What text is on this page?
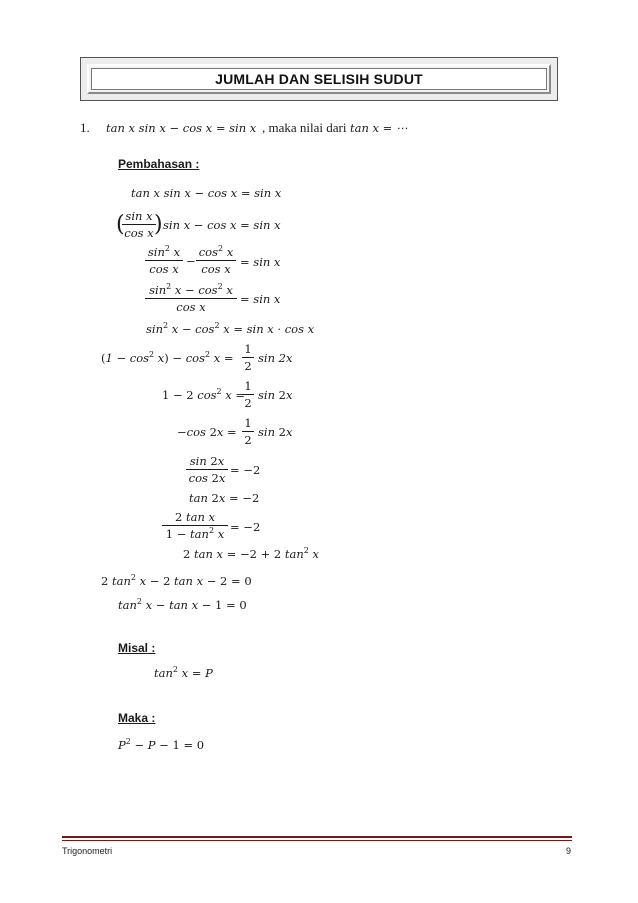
JUMLAH DAN SELISIH SUDUT
1. tan x sin x − cos x = sin x , maka nilai dari tan x = ⋯
Pembahasan :
tan x sin x − cos x = sin x
( sin x
cos x ) sin x − cos x = sin x
$\sin^2 x$
cos x
−
$\cos^2 x$
cos x = sin x
$\sin^2 x - \cos^2 x$
cos x
= sin x
$\sin^2 x - \cos^2 x = \sin x \cdot \cos x$
$(1 - \cos^2 x) - \cos^2 x$ =
1
2
sin 2x
1 − 2 $\cos^2 x$ =
1
2
sin 2x
−cos 2x =
1
2
sin 2x
sin 2x
cos 2x
= −2
tan 2x = −2
2 tan x
$1 - \tan^2 x = -2$
2 tan x = −2 + 2 $\tan^2 x$
2 $\tan^2 x - 2$ tan x − 2 = 0
$\tan^2 x - \tan x - 1 = 0$
Misal :
$\tan^2 x = P$
Maka :
$P^2 - P - 1 = 0$
Trigonometri	9
